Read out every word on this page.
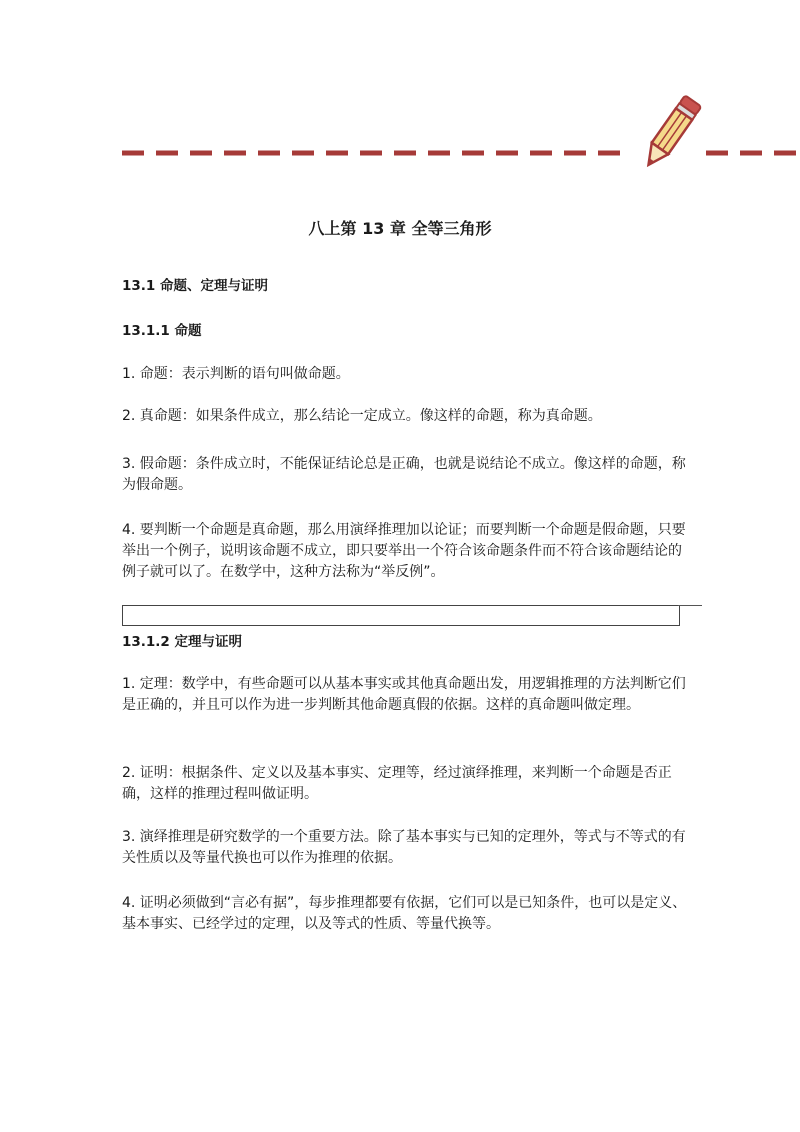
八上第 13 章 全等三角形
13.1 命题、定理与证明
13.1.1 命题

1. 命题：表示判断的语句叫做命题。

2. 真命题：如果条件成立，那么结论一定成立。像这样的命题，称为真命题。

3. 假命题：条件成立时，不能保证结论总是正确，也就是说结论不成立。像这样的命题，称为假命题。

4. 要判断一个命题是真命题，那么用演绎推理加以论证；而要判断一个命题是假命题，只要举出一个例子，说明该命题不成立，即只要举出一个符合该命题条件而不符合该命题结论的例子就可以了。在数学中，这种方法称为“举反例”。

13.1.2 定理与证明

1. 定理：数学中，有些命题可以从基本事实或其他真命题出发，用逻辑推理的方法判断它们是正确的，并且可以作为进一步判断其他命题真假的依据。这样的真命题叫做定理。

2. 证明：根据条件、定义以及基本事实、定理等，经过演绎推理，来判断一个命题是否正确，这样的推理过程叫做证明。

3. 演绎推理是研究数学的一个重要方法。除了基本事实与已知的定理外，等式与不等式的有关性质以及等量代换也可以作为推理的依据。

4. 证明必须做到“言必有据”，每步推理都要有依据，它们可以是已知条件，也可以是定义、基本事实、已经学过的定理，以及等式的性质、等量代换等。
